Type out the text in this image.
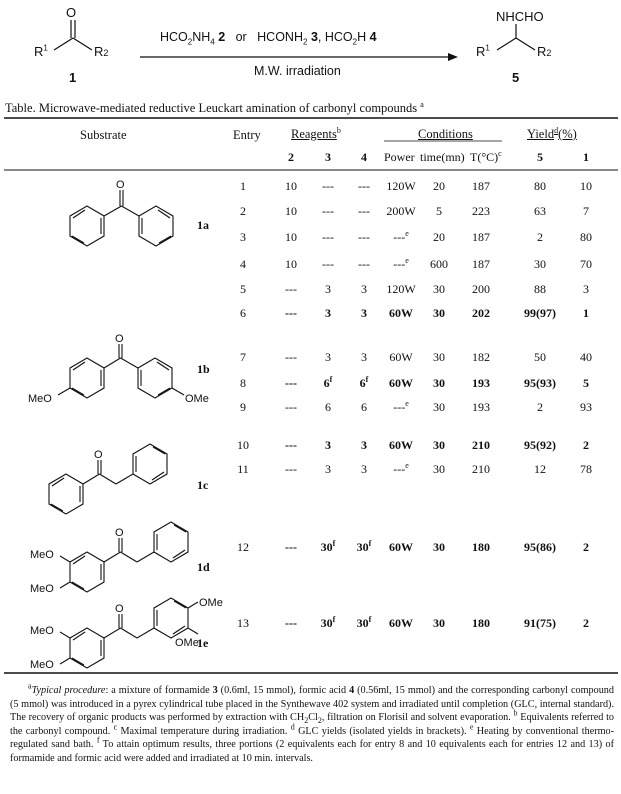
O
$R^1$	R2
1
$HCO_2NH_4$ 2 or $HCONH_2$ 3, $HCO_2H$ 4
M.W. irradiation
NHCHO
$R^1$	R2
5
Table. Microwave-mediated reductive Leuckart amination of carbonyl compounds $^a$
Substrate	Entry Reagents$^b$	Conditions	Yield$^d$(%)
2	3	4	Power time(mn) $T(^\circ C)^c$	5	1
1a
1b
1c
1d
1e
O
O
MeO	OMe
O
O
MeO
MeO
O
MeO
MeO
OMe
OMe
1	10	---	---	120W	20	187	80	10
2	10	---	---	200W	5	223	63	7
3	10	---	---	---$^e$	20	187	2	80
4	10	---	---	---$^e$	600	187	30	70
5	---	3	3	120W	30	200	88	3
6	---	3	3	60W	30	202	99(97)	1
7	---	3	3	60W	30	182	50	40
8	---	6$^f$	6$^f$	60W	30	193	95(93)	5
9	---	6	6	---$^e$	30	193	2	93
10	---	3	3	60W	30	210	95(92)	2
11	---	3	3	---$^e$	30	210	12	78
12	---	30$^f$	30$^f$	60W	30	180	95(86)	2
13	---	30$^f$	30$^f$	60W	30	180	91(75)	2

$^a$Typical procedure: a mixture of formamide 3 (0.6ml, 15 mmol), formic acid 4 (0.56ml, 15 mmol) and the corresponding carbonyl compound (5 mmol) was introduced in a pyrex cylindrical tube placed in the Synthewave 402 system and irradiated until completion (GLC, internal standard). The recovery of organic products was performed by extraction with $CH_2Cl_2$, filtration on Florisil and solvent evaporation. $^b$ Equivalents referred to the carbonyl compound. $^c$ Maximal temperature during irradiation. $^d$ GLC yields (isolated yields in brackets). $^e$ Heating by conventional thermo-regulated sand bath. $^f$ To attain optimum results, three portions (2 equivalents each for entry 8 and 10 equivalents each for entries 12 and 13) of formamide and formic acid were added and irradiated at 10 min. intervals.
